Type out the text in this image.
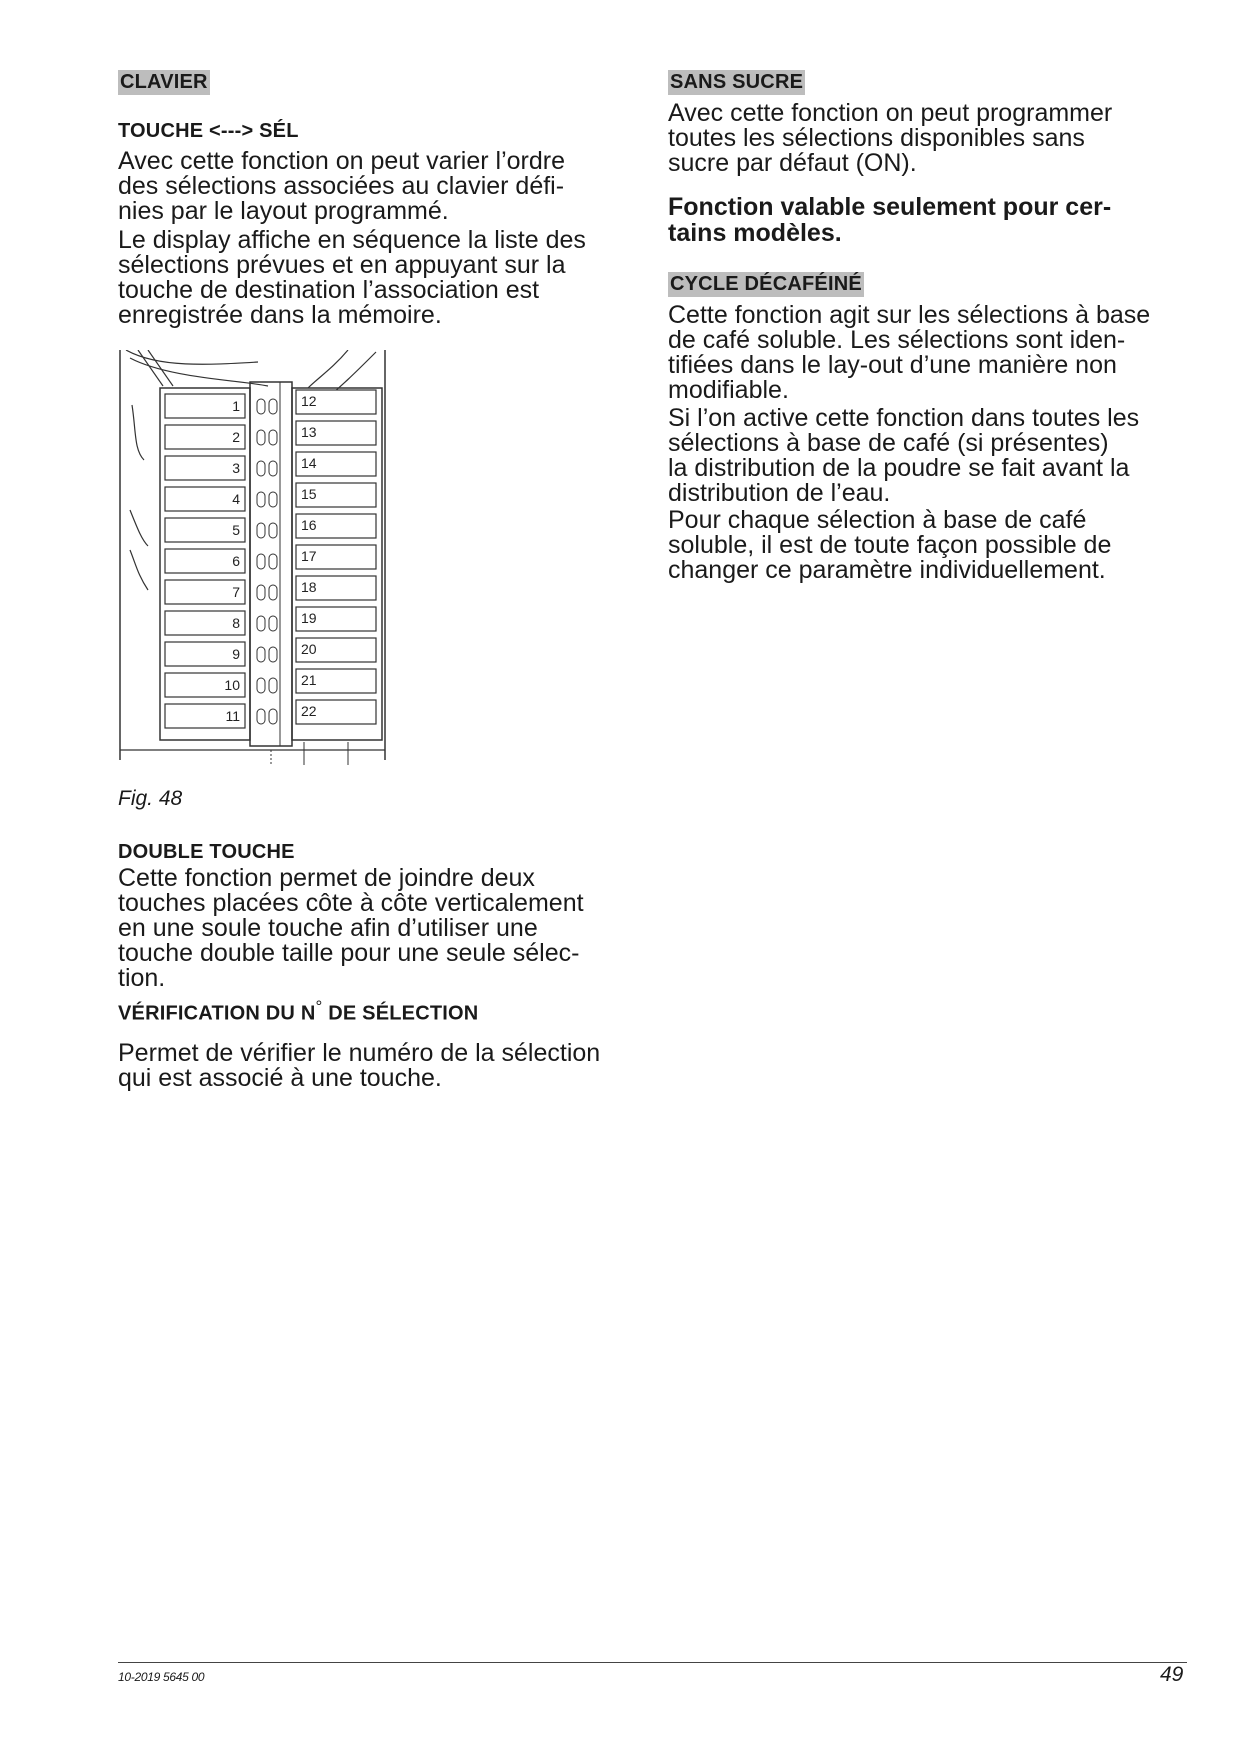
CLAVIER
TOUCHE <---> SÉL

Avec cette fonction on peut varier l’ordre

des sélections associées au clavier défi-

nies par le layout programmé.

Le display affiche en séquence la liste des

sélections prévues et en appuyant sur la

touche de destination l’association est

enregistrée dans la mémoire.

Fig. 48
DOUBLE TOUCHE

Cette fonction permet de joindre deux

touches placées côte à côte verticalement

en une soule touche afin d’utiliser une

touche double taille pour une seule sélec-

tion.

VÉRIFICATION DU N° DE SÉLECTION

Permet de vérifier le numéro de la sélection

qui est associé à une touche.

1
2
3
4
5
6
7
8
9
10
11
12
13
14
15
16
17
18
19
20
21
22
SANS SUCRE

Avec cette fonction on peut programmer

toutes les sélections disponibles sans

sucre par défaut (ON).

Fonction valable seulement pour cer-

tains modèles.

CYCLE DÉCAFÉINÉ

Cette fonction agit sur les sélections à base

de café soluble. Les sélections sont iden-

tifiées dans le lay-out d’une manière non

modifiable.

Si l’on active cette fonction dans toutes les

sélections à base de café (si présentes)

la distribution de la poudre se fait avant la

distribution de l’eau.

Pour chaque sélection à base de café

soluble, il est de toute façon possible de

changer ce paramètre individuellement.

10-2019 5645 00	49
